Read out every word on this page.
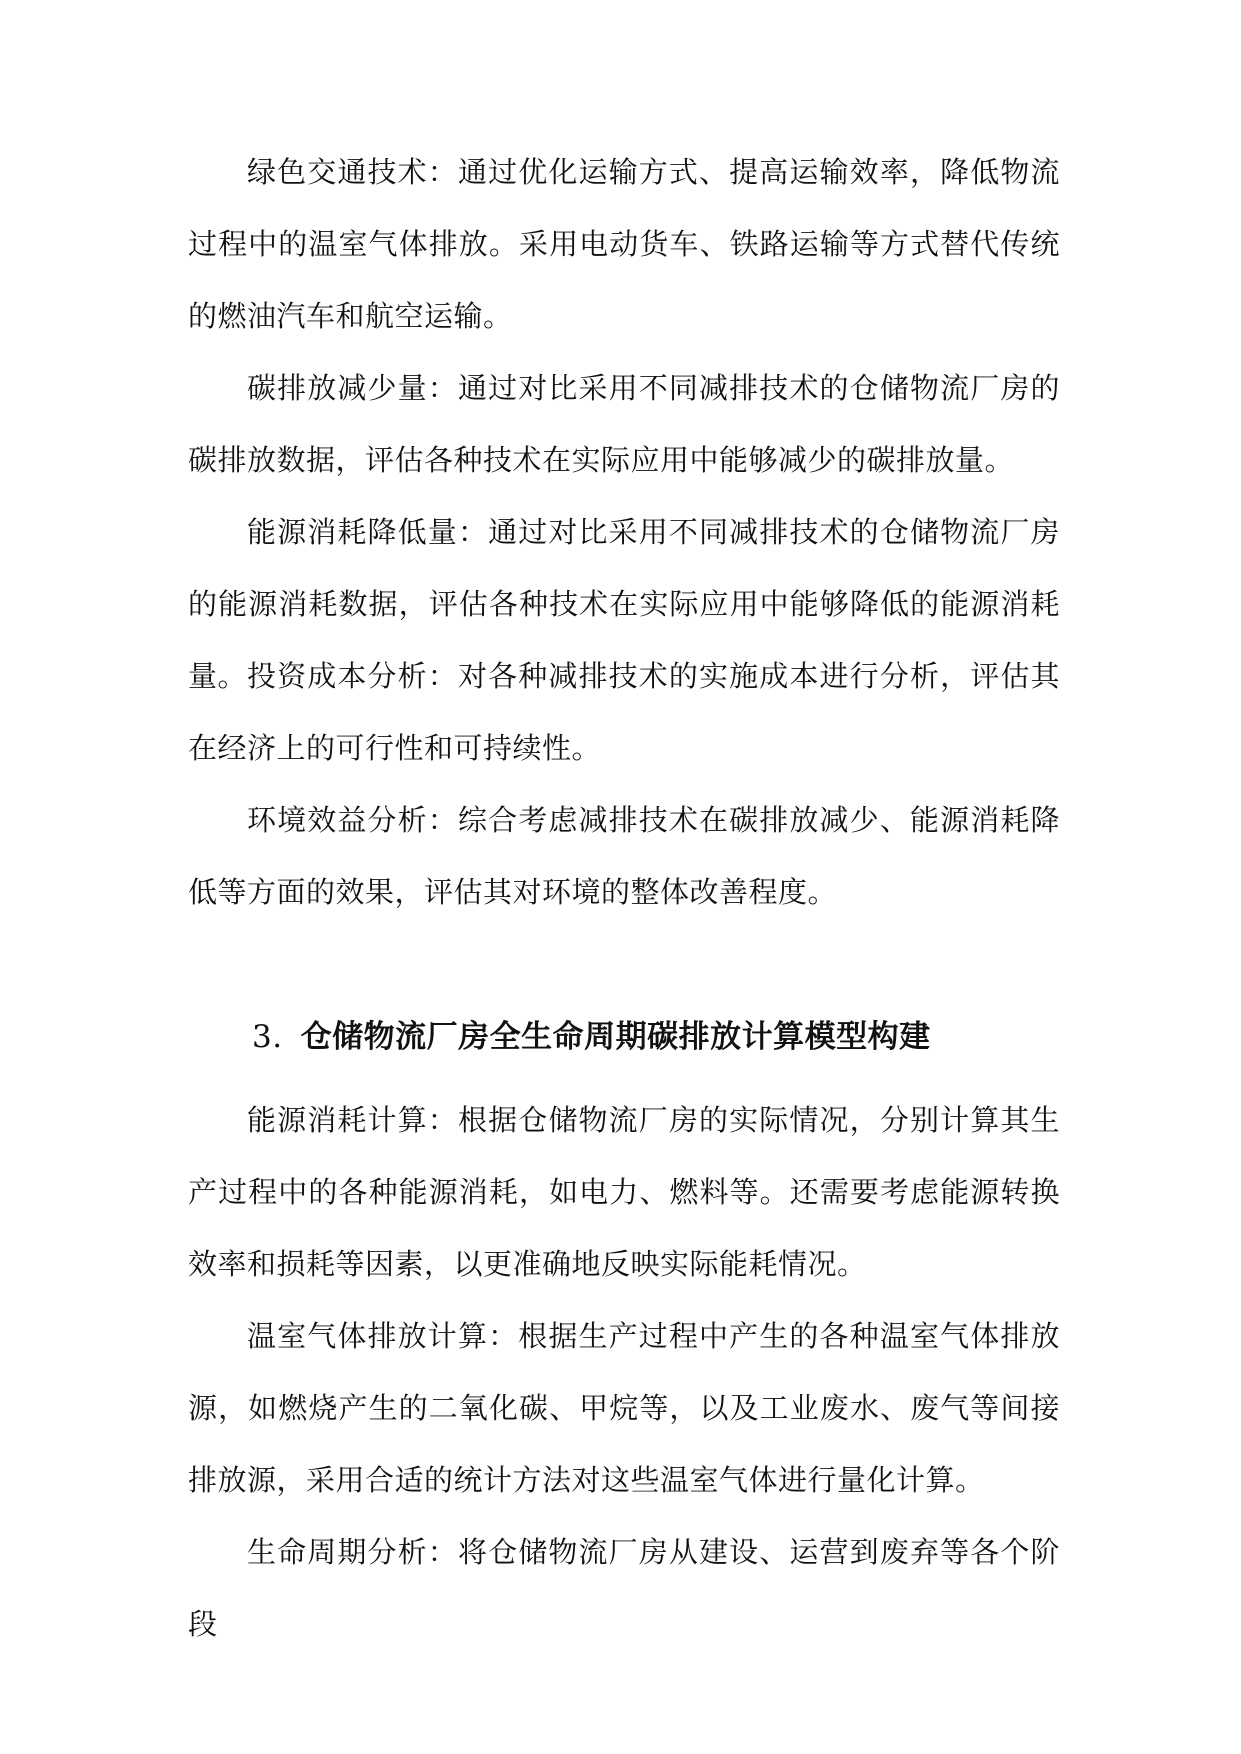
绿色交通技术：通过优化运输方式、提高运输效率，降低物流过程中的温室气体排放。采用电动货车、铁路运输等方式替代传统的燃油汽车和航空运输。

碳排放减少量：通过对比采用不同减排技术的仓储物流厂房的碳排放数据，评估各种技术在实际应用中能够减少的碳排放量。

能源消耗降低量：通过对比采用不同减排技术的仓储物流厂房的能源消耗数据，评估各种技术在实际应用中能够降低的能源消耗量。 投资成本分析：对各种减排技术的实施成本进行分析，评估其在经济上的可行性和可持续性。

环境效益分析：综合考虑减排技术在碳排放减少、能源消耗降低等方面的效果，评估其对环境的整体改善程度。

3. 仓储物流厂房全生命周期碳排放计算模型构建

能源消耗计算：根据仓储物流厂房的实际情况，分别计算其生产过程中的各种能源消耗，如电力、燃料等。还需要考虑能源转换效率和损耗等因素，以更准确地反映实际能耗情况。

温室气体排放计算：根据生产过程中产生的各种温室气体排放源，如燃烧产生的二氧化碳、甲烷等，以及工业废水、废气等间接排放源，采用合适的统计方法对这些温室气体进行量化计算。

生命周期分析：将仓储物流厂房从建设、运营到废弃等各个阶段
